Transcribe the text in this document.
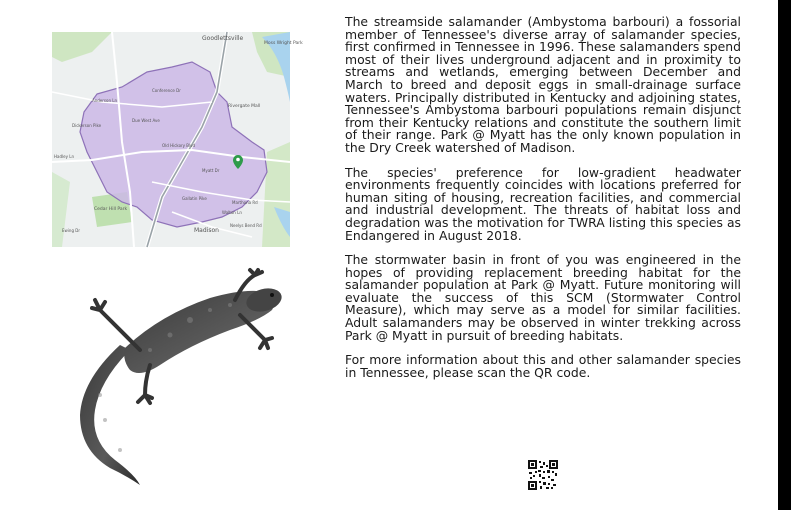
Goodlettsville
Moss Wright Park
Rivergate Mall
Madison
Cedar Hill Park
Hadley Ln
Myatt Dr
Old Hickory Blvd
Gallatin Pike
Ewing Dr
Dickerson Pike
Anderson Ln
Marthona Rd
Neelys Bend Rd
Due West Ave
Conference Dr
Walton Ln

The streamside salamander (Ambystoma barbouri) a fossorial member of Tennessee's diverse array of salamander species, first confirmed in Tennessee in 1996. These salamanders spend most of their lives underground adjacent and in proximity to streams and wetlands, emerging between December and March to breed and deposit eggs in small-drainage surface waters. Principally distributed in Kentucky and adjoining states, Tennessee's Ambystoma barbouri populations remain disjunct from their Kentucky relations and constitute the southern limit of their range. Park @ Myatt has the only known population in the Dry Creek watershed of Madison.

The species' preference for low-gradient headwater environments frequently coincides with locations preferred for human siting of housing, recreation facilities, and commercial and industrial development. The threats of habitat loss and degradation was the motivation for TWRA listing this species as Endangered in August 2018.

The stormwater basin in front of you was engineered in the hopes of providing replacement breeding habitat for the salamander population at Park @ Myatt. Future monitoring will evaluate the success of this SCM (Stormwater Control Measure), which may serve as a model for similar facilities. Adult salamanders may be observed in winter trekking across Park @ Myatt in pursuit of breeding habitats.

For more information about this and other salamander species in Tennessee, please scan the QR code.
